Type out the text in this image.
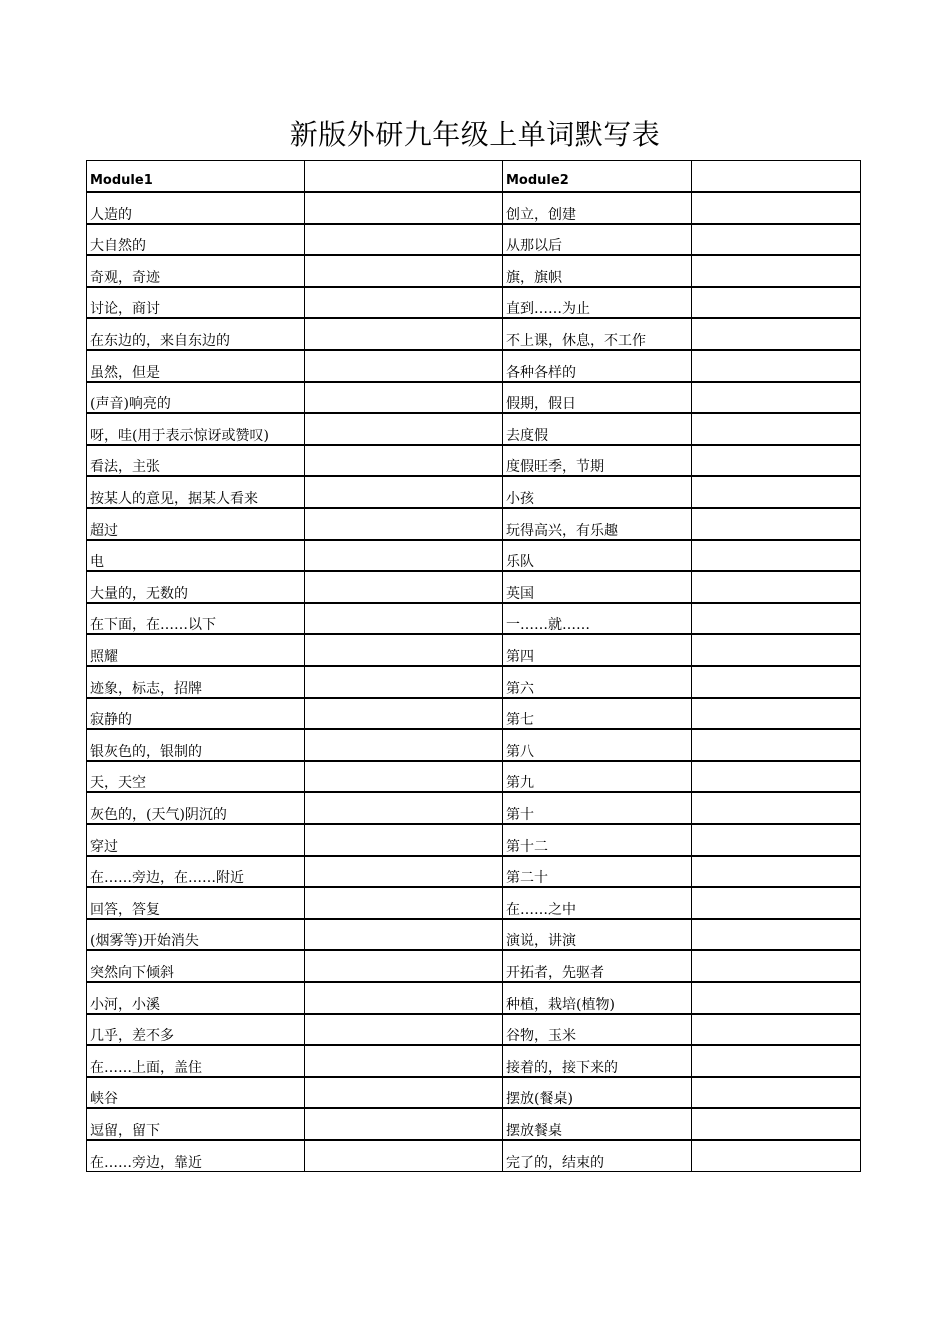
新版外研九年级上单词默写表
Module1		Module2	
人造的		创立，创建	
大自然的		从那以后	
奇观，奇迹		旗，旗帜	
讨论，商讨		直到……为止	
在东边的，来自东边的		不上课，休息，不工作	
虽然，但是		各种各样的	
(声音)响亮的		假期，假日	
呀，哇(用于表示惊讶或赞叹)		去度假	
看法，主张		度假旺季，节期	
按某人的意见，据某人看来		小孩	
超过		玩得高兴，有乐趣	
电		乐队	
大量的，无数的		英国	
在下面，在……以下		一……就……	
照耀		第四	
迹象，标志，招牌		第六	
寂静的		第七	
银灰色的，银制的		第八	
天，天空		第九	
灰色的，(天气)阴沉的		第十	
穿过		第十二	
在……旁边，在……附近		第二十	
回答，答复		在……之中	
(烟雾等)开始消失		演说，讲演	
突然向下倾斜		开拓者，先驱者	
小河，小溪		种植，栽培(植物)	
几乎，差不多		谷物，玉米	
在……上面，盖住		接着的，接下来的	
峡谷		摆放(餐桌)	
逗留，留下		摆放餐桌	
在……旁边，靠近		完了的，结束的	
